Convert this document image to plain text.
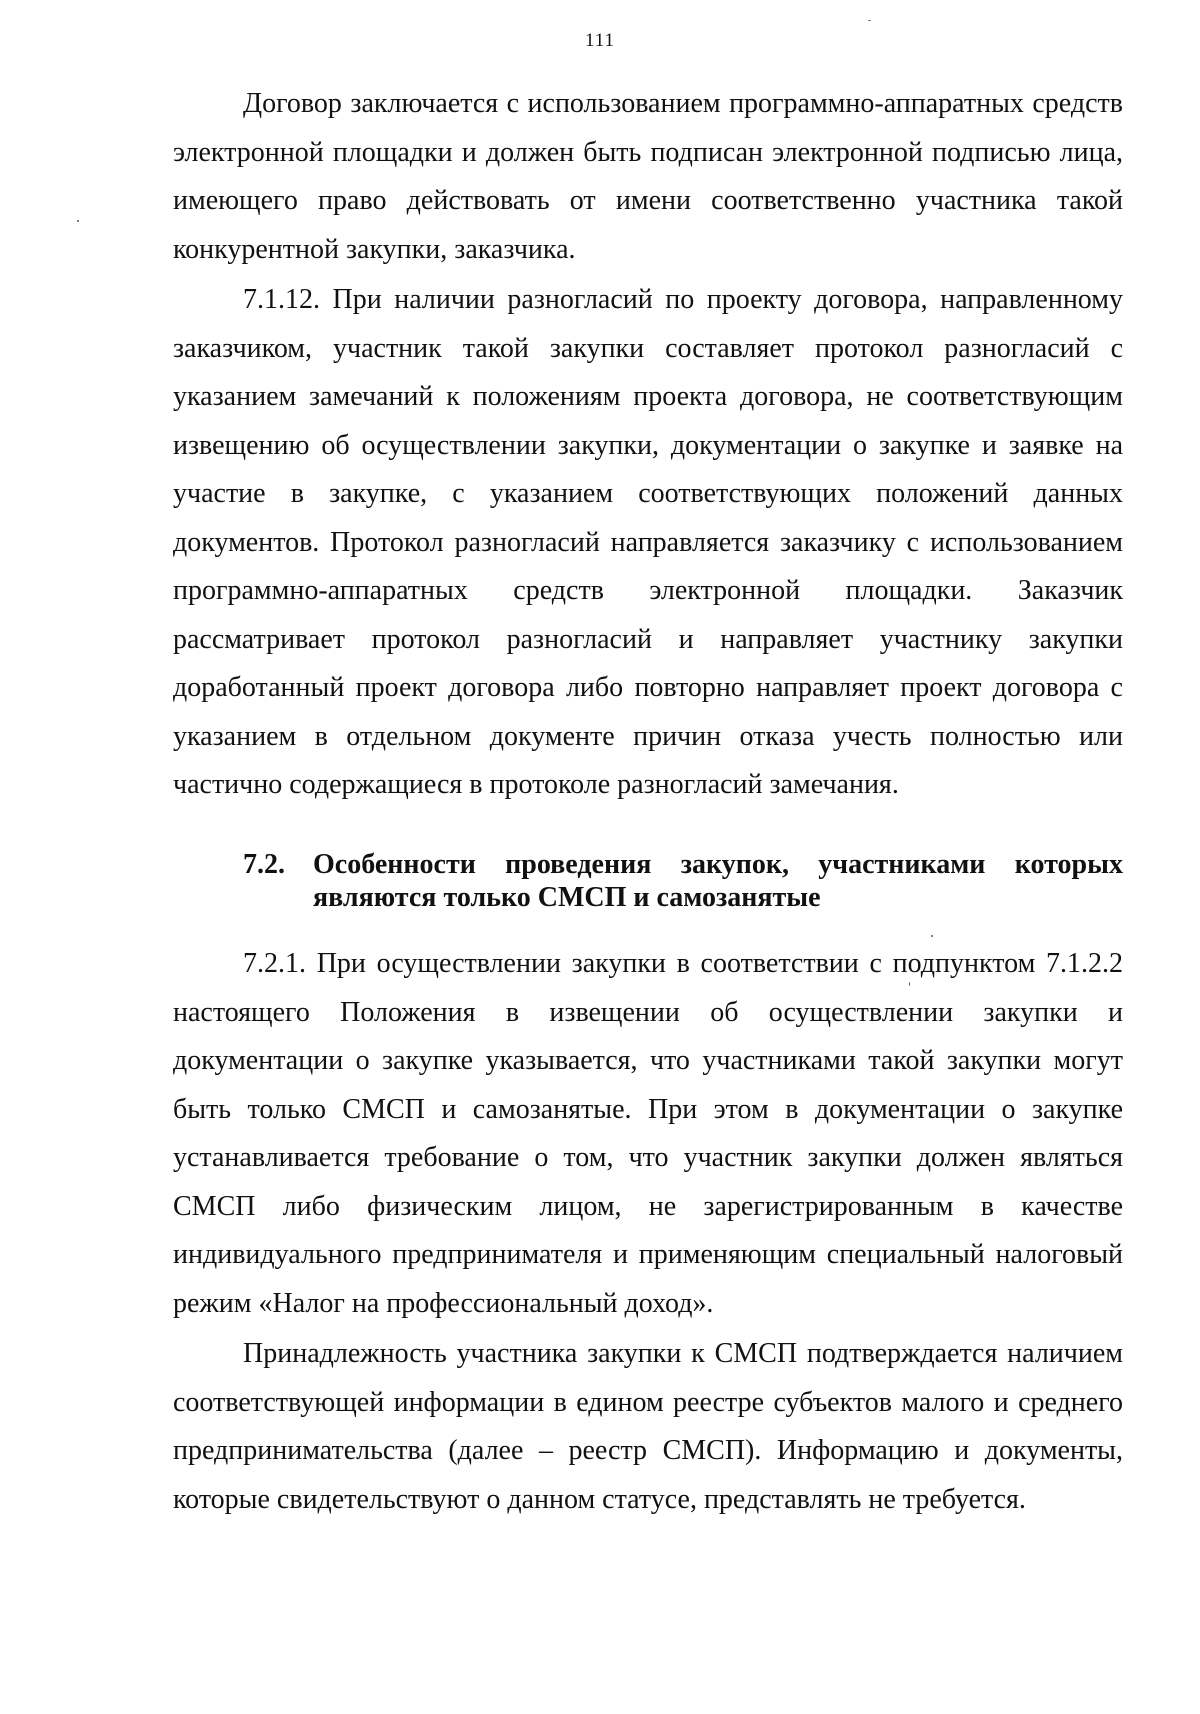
111

Договор заключается с использованием программно-аппаратных средств электронной площадки и должен быть подписан электронной подписью лица, имеющего право действовать от имени соответственно участника такой конкурентной закупки, заказчика.

7.1.12. При наличии разногласий по проекту договора, направленному заказчиком, участник такой закупки составляет протокол разногласий с указанием замечаний к положениям проекта договора, не соответствующим извещению об осуществлении закупки, документации о закупке и заявке на участие в закупке, с указанием соответствующих положений данных документов. Протокол разногласий направляется заказчику с использованием программно-аппаратных средств электронной площадки. Заказчик рассматривает протокол разногласий и направляет участнику закупки доработанный проект договора либо повторно направляет проект договора с указанием в отдельном документе причин отказа учесть полностью или частично содержащиеся в протоколе разногласий замечания.

7.2.	Особенности проведения закупок, участниками которых являются только СМСП и самозанятые

7.2.1. При осуществлении закупки в соответствии с подпунктом 7.1.2.2 настоящего Положения в извещении об осуществлении закупки и документации о закупке указывается, что участниками такой закупки могут быть только СМСП и самозанятые. При этом в документации о закупке устанавливается требование о том, что участник закупки должен являться СМСП либо физическим лицом, не зарегистрированным в качестве индивидуального предпринимателя и применяющим специальный налоговый режим «Налог на профессиональный доход».

Принадлежность участника закупки к СМСП подтверждается наличием соответствующей информации в едином реестре субъектов малого и среднего предпринимательства (далее – реестр СМСП). Информацию и документы, которые свидетельствуют о данном статусе, представлять не требуется.
